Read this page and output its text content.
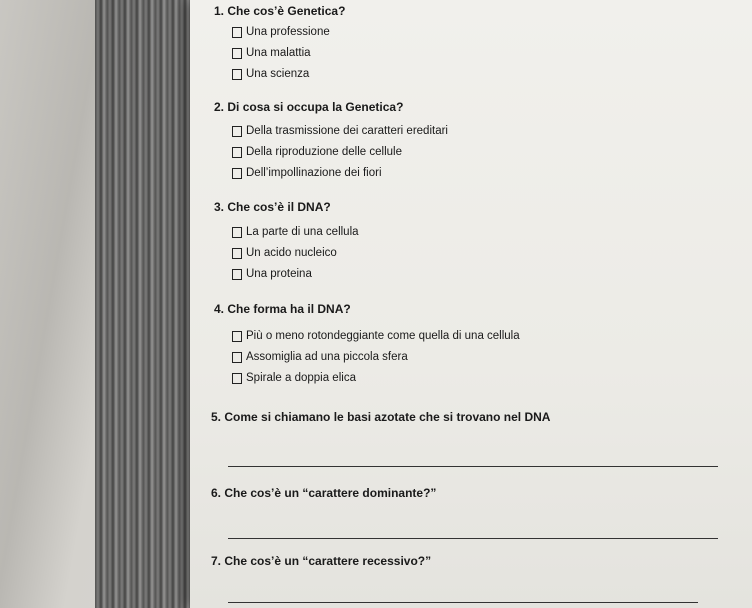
1. Che cos’è Genetica?
Una professione
Una malattia
Una scienza
2. Di cosa si occupa la Genetica?
Della trasmissione dei caratteri ereditari
Della riproduzione delle cellule
Dell’impollinazione dei fiori
3. Che cos’è il DNA?
La parte di una cellula
Un acido nucleico
Una proteina
4. Che forma ha il DNA?
Più o meno rotondeggiante come quella di una cellula
Assomiglia ad una piccola sfera
Spirale a doppia elica
5. Come si chiamano le basi azotate che si trovano nel DNA
6. Che cos’è un “carattere dominante?”
7. Che cos’è un “carattere recessivo?”
